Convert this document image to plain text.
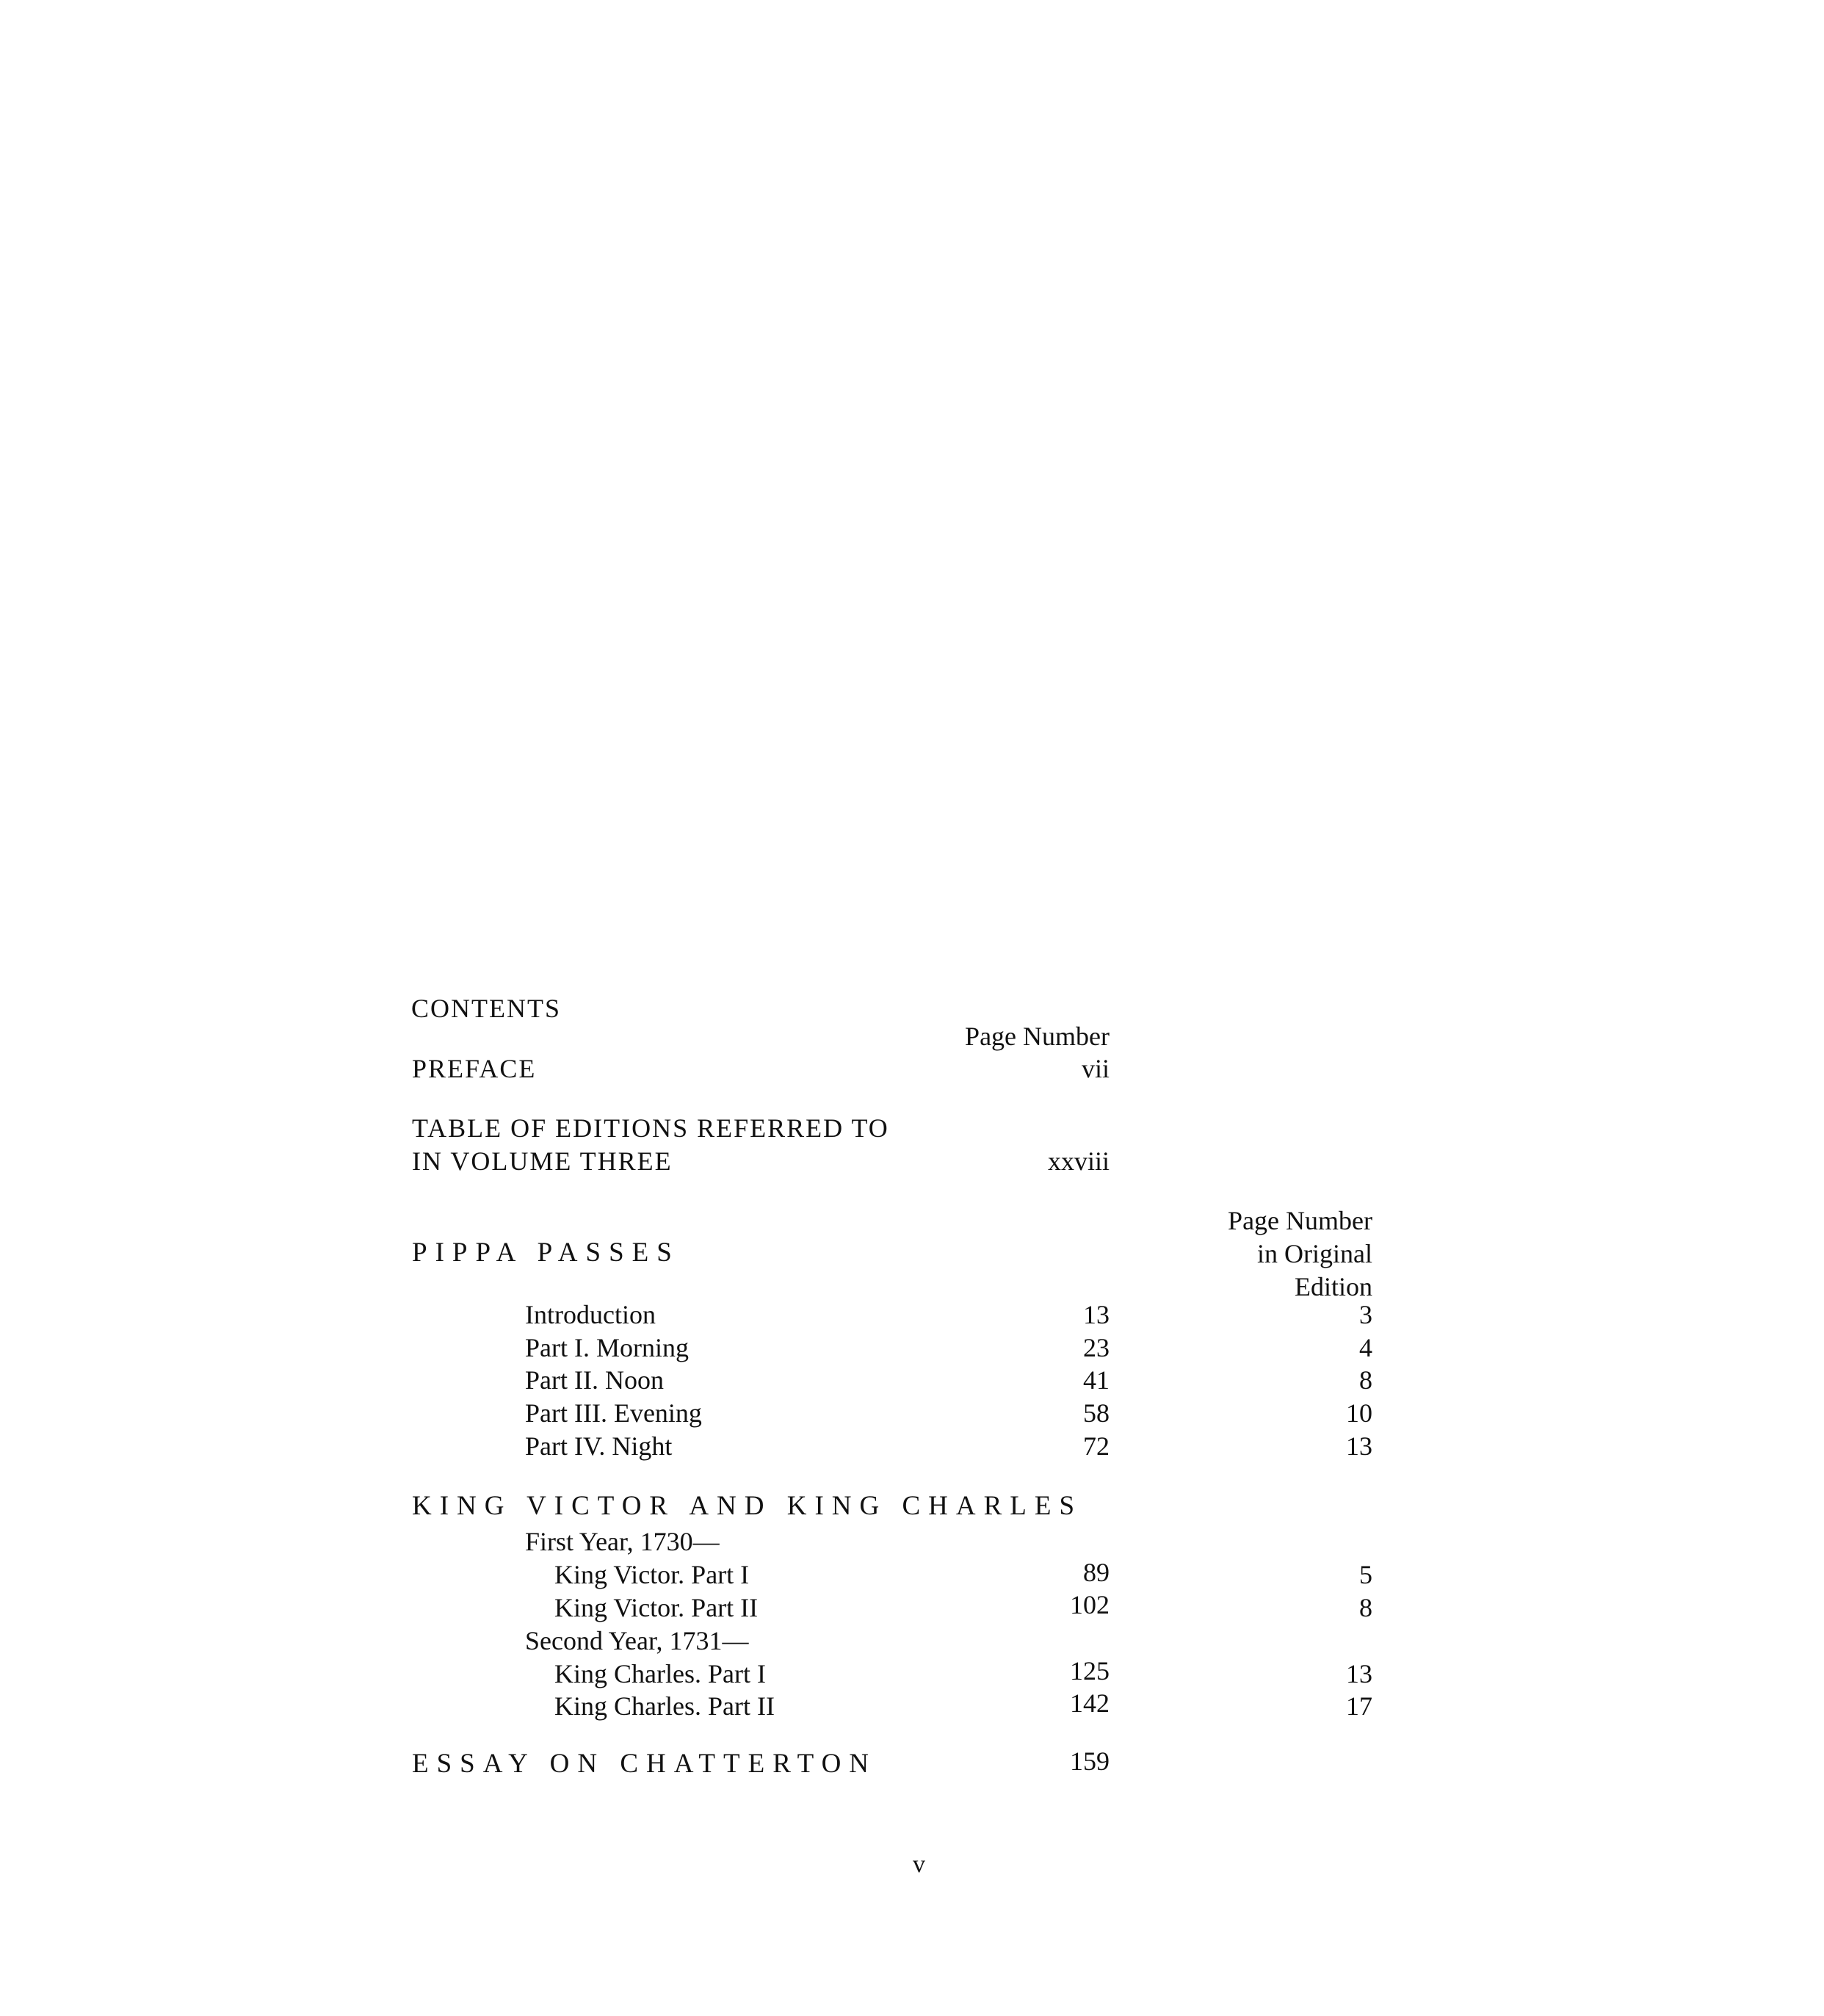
CONTENTS
Page Number
PREFACE	vii
TABLE OF EDITIONS REFERRED TO
IN VOLUME THREE	xxviii
Page Number
in Original
Edition
PIPPA PASSES
Introduction	13	3
Part I. Morning	23	4
Part II. Noon	41	8
Part III. Evening	58	10
Part IV. Night	72	13
KING VICTOR AND KING CHARLES
First Year, 1730—
King Victor. Part I	89	5
King Victor. Part II	102	8
Second Year, 1731—
King Charles. Part I	125	13
King Charles. Part II	142	17
ESSAY ON CHATTERTON	159
v
